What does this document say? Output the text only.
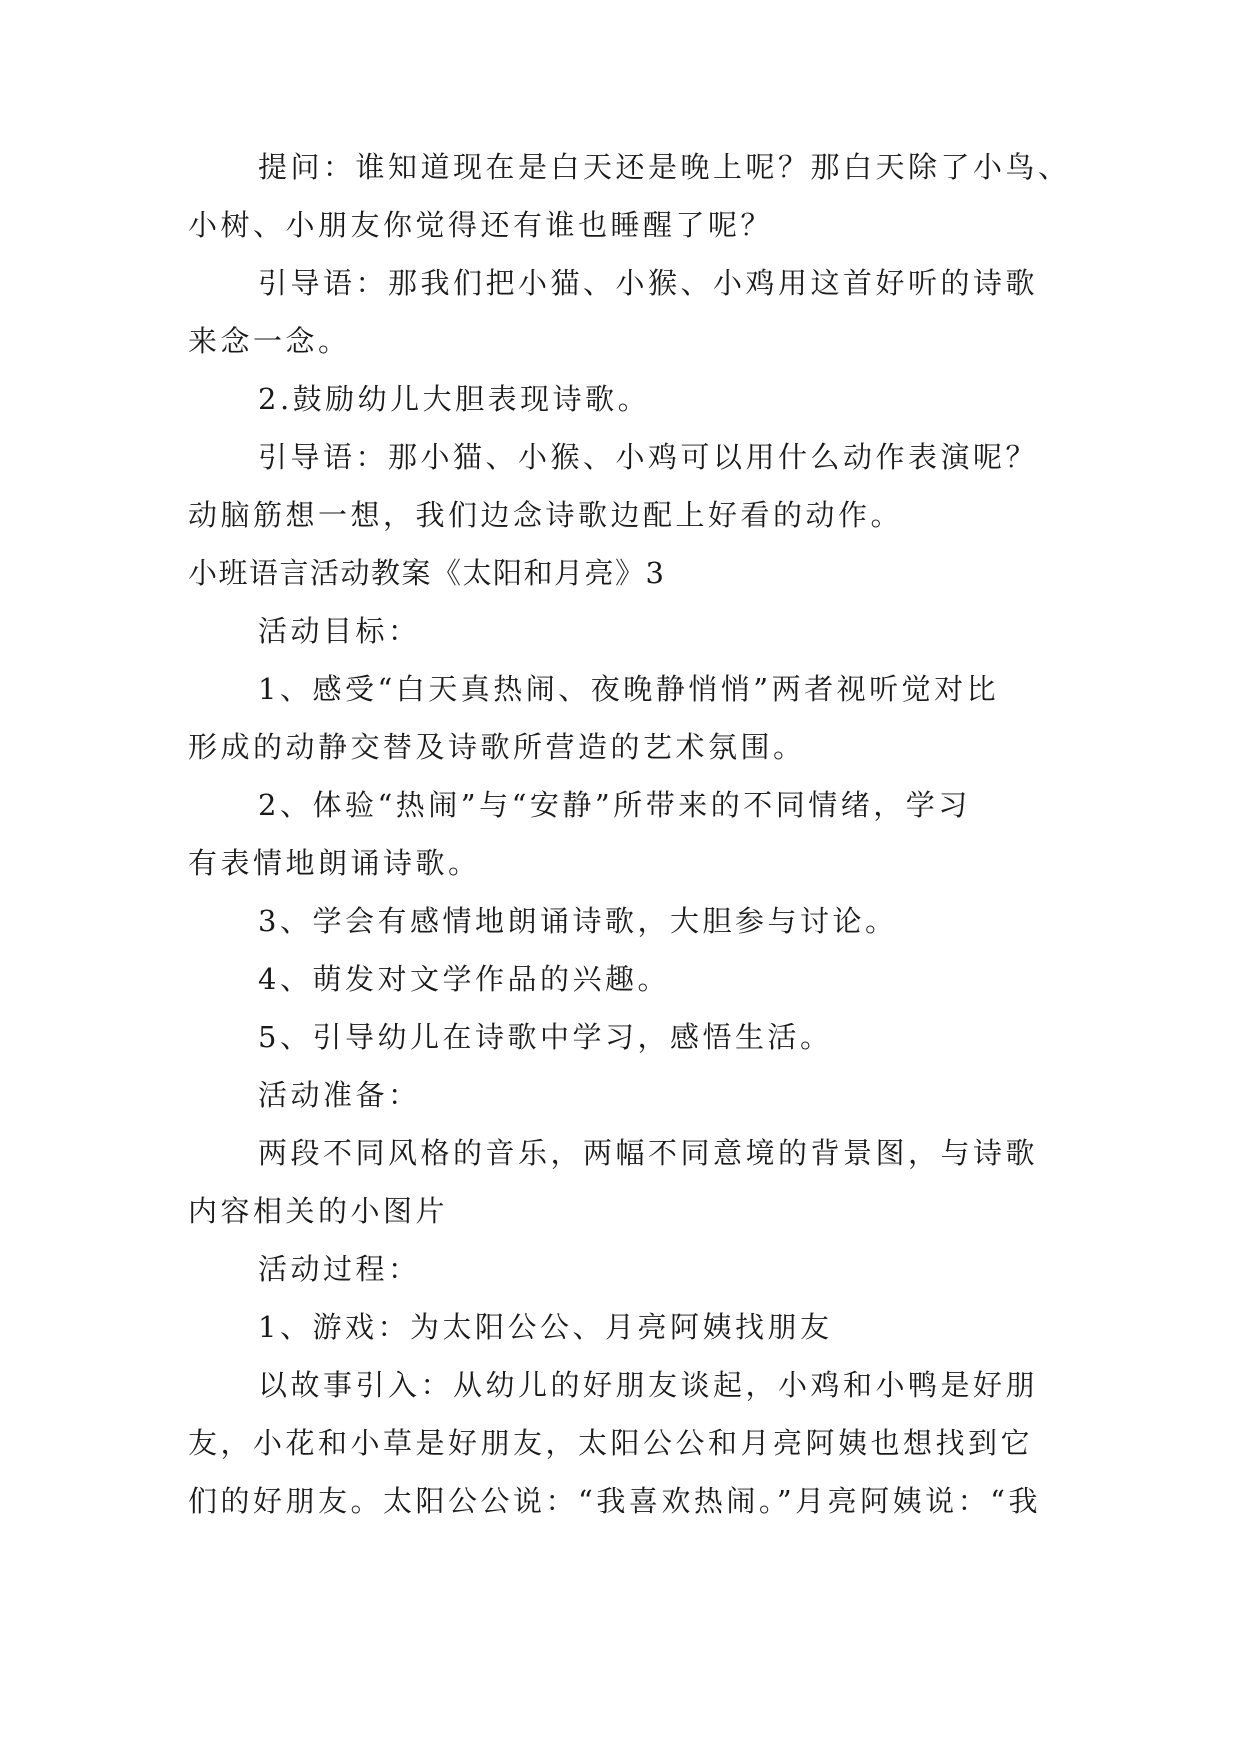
提问：谁知道现在是白天还是晚上呢？那白天除了小鸟、
小树、小朋友你觉得还有谁也睡醒了呢？
引导语：那我们把小猫、小猴、小鸡用这首好听的诗歌
来念一念。
2.鼓励幼儿大胆表现诗歌。
引导语：那小猫、小猴、小鸡可以用什么动作表演呢？
动脑筋想一想，我们边念诗歌边配上好看的动作。
小班语言活动教案《太阳和月亮》3
活动目标：
1、感受“白天真热闹、夜晚静悄悄”两者视听觉对比
形成的动静交替及诗歌所营造的艺术氛围。
2、体验“热闹”与“安静”所带来的不同情绪，学习
有表情地朗诵诗歌。
3、学会有感情地朗诵诗歌，大胆参与讨论。
4、萌发对文学作品的兴趣。
5、引导幼儿在诗歌中学习，感悟生活。
活动准备：
两段不同风格的音乐，两幅不同意境的背景图，与诗歌
内容相关的小图片
活动过程：
1、游戏：为太阳公公、月亮阿姨找朋友
以故事引入：从幼儿的好朋友谈起，小鸡和小鸭是好朋
友，小花和小草是好朋友，太阳公公和月亮阿姨也想找到它
们的好朋友。太阳公公说：“我喜欢热闹。”月亮阿姨说：“我
